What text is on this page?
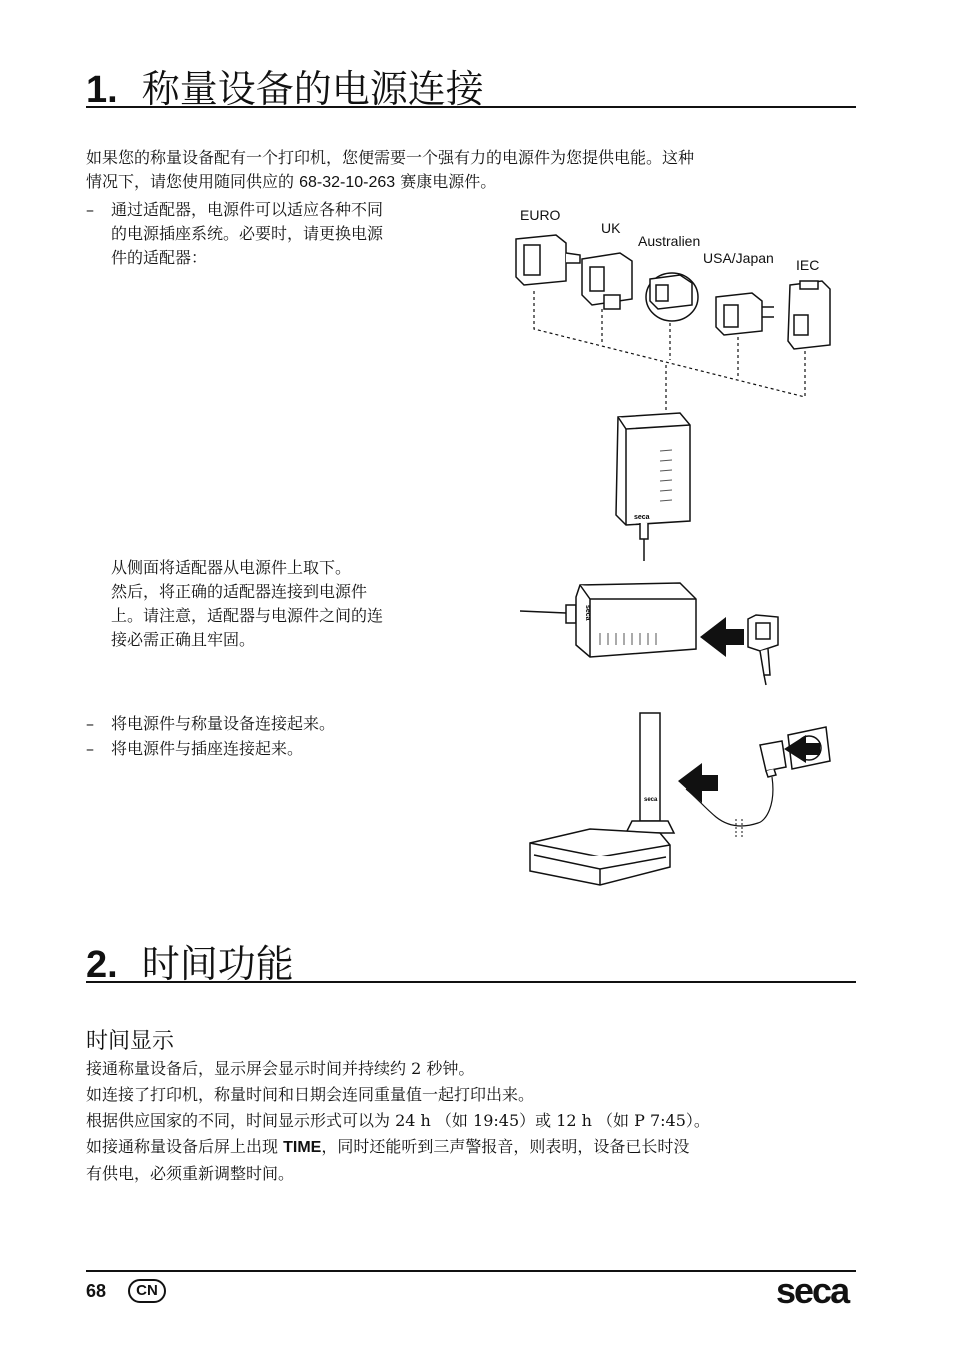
1. 称量设备的电源连接
如果您的称量设备配有一个打印机，您便需要一个强有力的电源件为您提供电能。这种
情况下，请您使用随同供应的 68-32-10-263 赛康电源件。
– 通过适配器，电源件可以适应各种不同
的电源插座系统。必要时，请更换电源
件的适配器：
EURO
UK
Australien
USA/Japan IEC
seca
从侧面将适配器从电源件上取下。
然后，将正确的适配器连接到电源件
上。请注意，适配器与电源件之间的连
接必需正确且牢固。
seca
– 将电源件与称量设备连接起来。
– 将电源件与插座连接起来。
seca
2. 时间功能
时间显示
接通称量设备后，显示屏会显示时间并持续约 2 秒钟。
如连接了打印机，称量时间和日期会连同重量值一起打印出来。
根据供应国家的不同，时间显示形式可以为 24 h （如 19:45）或 12 h （如 P 7:45）。
如接通称量设备后屏上出现 TIME，同时还能听到三声警报音，则表明，设备已长时没
有供电，必须重新调整时间。
68	CN	seca
